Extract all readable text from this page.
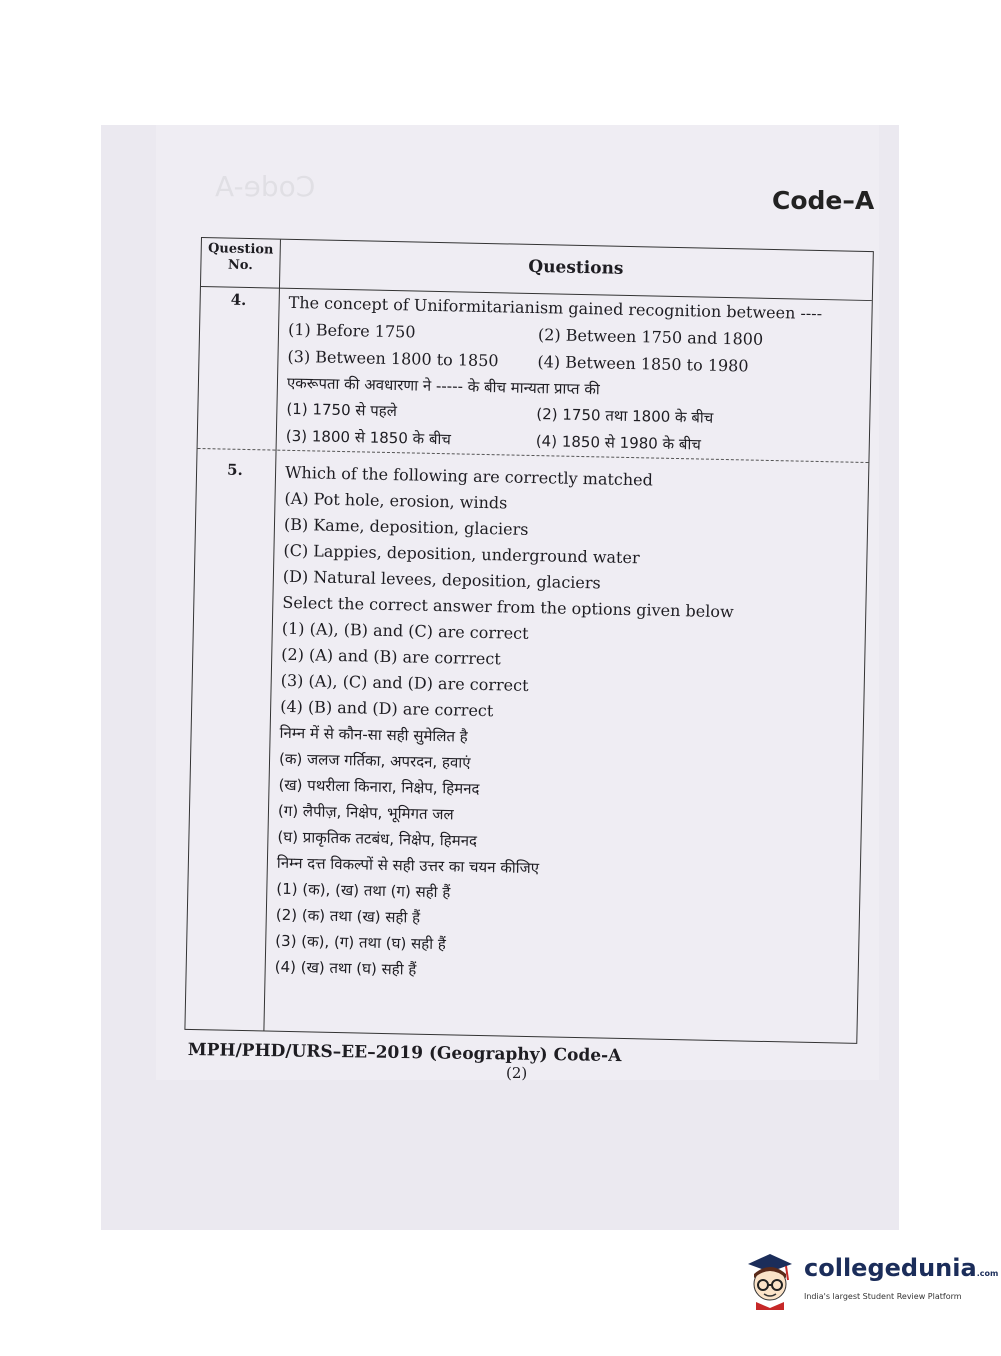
Code-A	Code–A
Question No.	Questions
4.	The concept of Uniformitarianism gained recognition between ----
(1) Before 1750	(2) Between 1750 and 1800
(3) Between 1800 to 1850	(4) Between 1850 to 1980
एकरूपता की अवधारणा ने ----- के बीच मान्यता प्राप्त की
(1) 1750 से पहले	(2) 1750 तथा 1800 के बीच
(3) 1800 से 1850 के बीच	(4) 1850 से 1980 के बीच
5.	Which of the following are correctly matched
(A) Pot hole, erosion, winds
(B) Kame, deposition, glaciers
(C) Lappies, deposition, underground water
(D) Natural levees, deposition, glaciers
Select the correct answer from the options given below
(1) (A), (B) and (C) are correct
(2) (A) and (B) are corrrect
(3) (A), (C) and (D) are correct
(4) (B) and (D) are correct
निम्न में से कौन-सा सही सुमेलित है
(क) जलज गर्तिका, अपरदन, हवाएं
(ख) पथरीला किनारा, निक्षेप, हिमनद
(ग) लैपीज़, निक्षेप, भूमिगत जल
(घ) प्राकृतिक तटबंध, निक्षेप, हिमनद
निम्न दत्त विकल्पों से सही उत्तर का चयन कीजिए
(1) (क), (ख) तथा (ग) सही हैं
(2) (क) तथा (ख) सही हैं
(3) (क), (ग) तथा (घ) सही हैं
(4) (ख) तथा (घ) सही हैं
MPH/PHD/URS–EE–2019 (Geography) Code-A
(2)
collegedunia.com
India's largest Student Review Platform
